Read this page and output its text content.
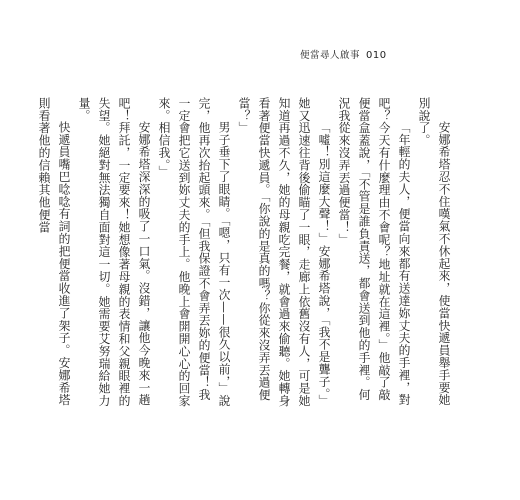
便當尋人啟事 010

安娜希塔忍不住嘆氣不休起來，使當快遞員舉手要她別說了。

「年輕的夫人，便當向來都有送達妳丈夫的手裡，對吧？今天有什麼理由不會呢？地址就在這裡。」他敲了敲便當盒蓋說，「不管是誰負責送，都會送到他的手裡。何況我從來沒弄丟過便當！」

「噓！別這麼大聲！」安娜希塔說，「我不是聾子。」她又迅速往背後偷瞄了一眼，走廊上依舊沒有人，可是她知道再過不久，她的母親吃完餐，就會過來偷聽。她轉身看著便當快遞員。「你說的是真的嗎？你從來沒弄丟過便當？」

男子垂下了眼睛。「嗯，只有一次——很久以前，」說完，他再次抬起頭來。「但我保證不會弄丟妳的便當！我一定會把它送到妳丈夫的手上。他晚上會開開心心的回家來。相信我。」

安娜希塔深深的吸了一口氣。沒錯，讓他今晚來一趟吧！拜託，一定要來！她想像著母親的表情和父親眼裡的失望。她絕對無法獨自面對這一切。她需要艾努瑞給她力量。

快遞員嘴巴唸唸有詞的把便當收進了架子。安娜希塔則看著他的信賴其他便當
